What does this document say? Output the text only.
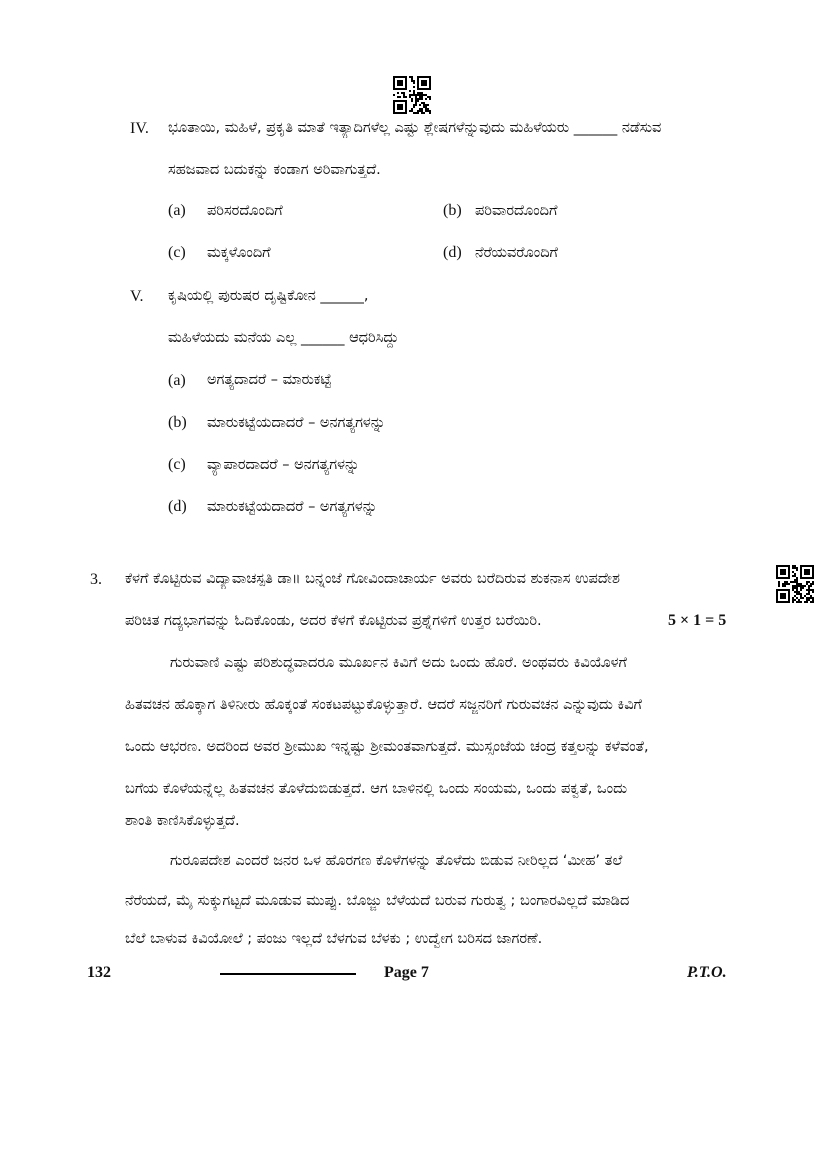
IV. ಭೂತಾಯಿ, ಮಹಿಳೆ, ಪ್ರಕೃತಿ ಮಾತೆ ಇತ್ಯಾದಿಗಳೆಲ್ಲ ಎಷ್ಟು ಶ್ಲೇಷಗಳೆನ್ನುವುದು ಮಹಿಳೆಯರು ______ ನಡೆಸುವ
ಸಹಜವಾದ ಬದುಕನ್ನು ಕಂಡಾಗ ಅರಿವಾಗುತ್ತದೆ.
(a) ಪರಿಸರದೊಂದಿಗೆ	(b) ಪರಿವಾರದೊಂದಿಗೆ
(c) ಮಕ್ಕಳೊಂದಿಗೆ	(d) ನೆರೆಯವರೊಂದಿಗೆ
V. ಕೃಷಿಯಲ್ಲಿ ಪುರುಷರ ದೃಷ್ಟಿಕೋನ ______,
ಮಹಿಳೆಯದು ಮನೆಯ ಎಲ್ಲ ______ ಆಧರಿಸಿದ್ದು
(a) ಅಗತ್ಯದಾದರೆ – ಮಾರುಕಟ್ಟೆ
(b) ಮಾರುಕಟ್ಟೆಯದಾದರೆ – ಅನಗತ್ಯಗಳನ್ನು
(c) ವ್ಯಾಪಾರದಾದರೆ – ಅನಗತ್ಯಗಳನ್ನು
(d) ಮಾರುಕಟ್ಟೆಯದಾದರೆ – ಅಗತ್ಯಗಳನ್ನು
3. ಕೆಳಗೆ ಕೊಟ್ಟಿರುವ ವಿದ್ಯಾವಾಚಸ್ಪತಿ ಡಾ॥ ಬನ್ನಂಜೆ ಗೋವಿಂದಾಚಾರ್ಯ ಅವರು ಬರೆದಿರುವ ಶುಕನಾಸ ಉಪದೇಶ
ಪರಿಚಿತ ಗದ್ಯಭಾಗವನ್ನು ಓದಿಕೊಂಡು, ಅದರ ಕೆಳಗೆ ಕೊಟ್ಟಿರುವ ಪ್ರಶ್ನೆಗಳಿಗೆ ಉತ್ತರ ಬರೆಯಿರಿ.	5 × 1 = 5
ಗುರುವಾಣಿ ಎಷ್ಟು ಪರಿಶುದ್ಧವಾದರೂ ಮೂರ್ಖನ ಕಿವಿಗೆ ಅದು ಒಂದು ಹೊರೆ. ಅಂಥವರು ಕಿವಿಯೊಳಗೆ
ಹಿತವಚನ ಹೊಕ್ಕಾಗ ತಿಳಿನೀರು ಹೊಕ್ಕಂತೆ ಸಂಕಟಪಟ್ಟುಕೊಳ್ಳುತ್ತಾರೆ. ಆದರೆ ಸಜ್ಜನರಿಗೆ ಗುರುವಚನ ಎನ್ನುವುದು ಕಿವಿಗೆ
ಒಂದು ಆಭರಣ. ಅದರಿಂದ ಅವರ ಶ್ರೀಮುಖ ಇನ್ನಷ್ಟು ಶ್ರೀಮಂತವಾಗುತ್ತದೆ. ಮುಸ್ಸಂಜೆಯ ಚಂದ್ರ ಕತ್ತಲನ್ನು ಕಳೆವಂತೆ,
ಬಗೆಯ ಕೊಳೆಯನ್ನೆಲ್ಲ ಹಿತವಚನ ತೊಳೆದುಬಿಡುತ್ತದೆ. ಆಗ ಬಾಳಿನಲ್ಲಿ ಒಂದು ಸಂಯಮ, ಒಂದು ಪಕ್ವತೆ, ಒಂದು
ಶಾಂತಿ ಕಾಣಿಸಿಕೊಳ್ಳುತ್ತದೆ.
ಗುರೂಪದೇಶ ಎಂದರೆ ಜನರ ಒಳ ಹೊರಗಣ ಕೊಳೆಗಳನ್ನು ತೊಳೆದು ಬಿಡುವ ನೀರಿಲ್ಲದ ‘ಮೀಹ’ ತಲೆ
ನೆರೆಯದೆ, ಮೈ ಸುಕ್ಕುಗಟ್ಟದೆ ಮೂಡುವ ಮುಪ್ಪು. ಬೊಜ್ಜು ಬೆಳೆಯದೆ ಬರುವ ಗುರುತ್ವ ; ಬಂಗಾರವಿಲ್ಲದೆ ಮಾಡಿದ
ಬೆಲೆ ಬಾಳುವ ಕಿವಿಯೋಲೆ ; ಪಂಜು ಇಲ್ಲದೆ ಬೆಳಗುವ ಬೆಳಕು ; ಉದ್ವೇಗ ಬರಿಸದ ಜಾಗರಣೆ.
132	Page 7	P.T.O.
